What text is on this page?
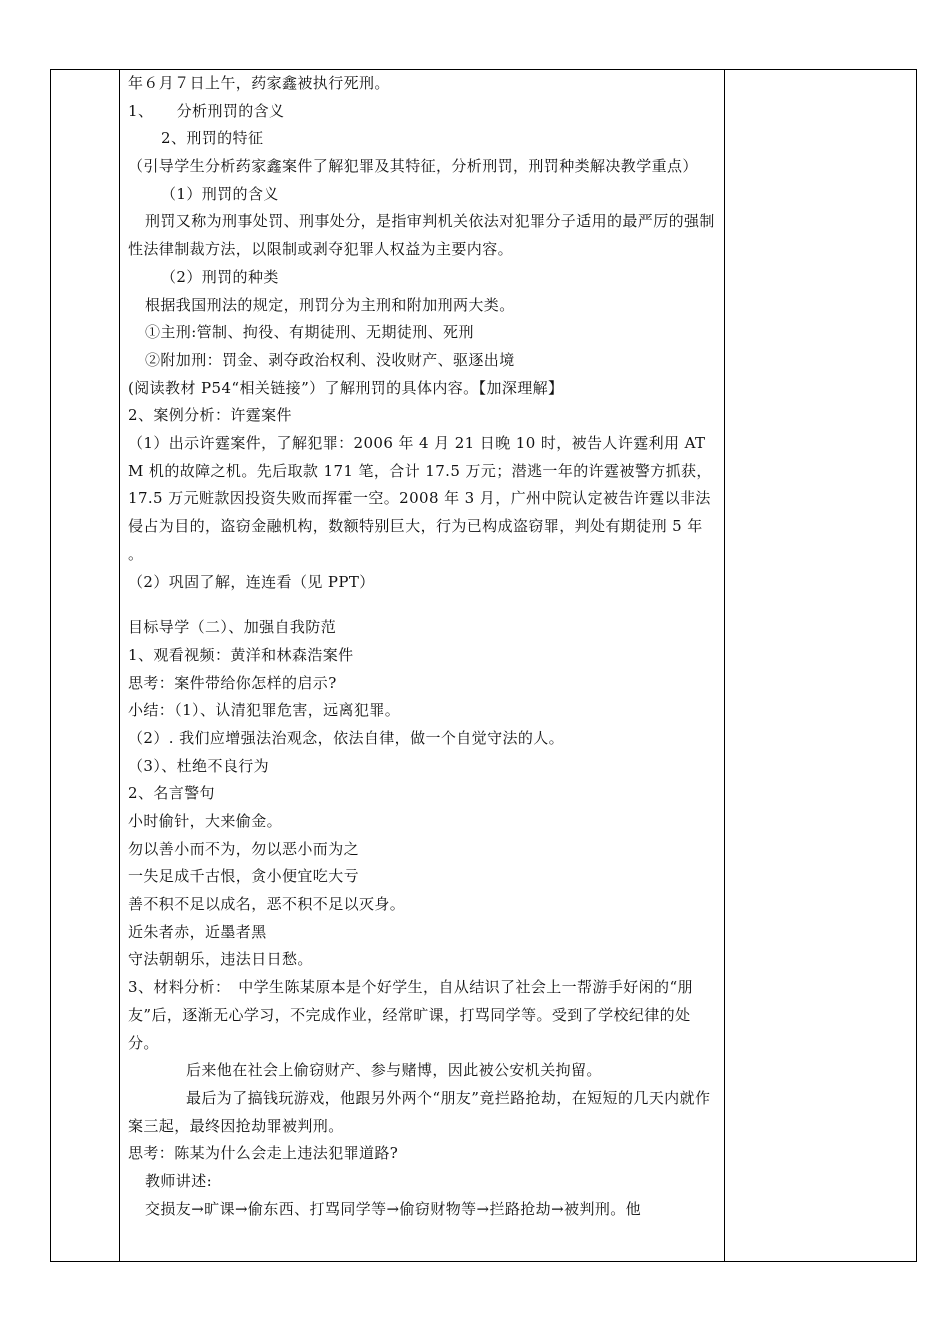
年６月７日上午，药家鑫被执行死刑。
1、　　分析刑罚的含义
2、刑罚的特征
（引导学生分析药家鑫案件了解犯罪及其特征，分析刑罚，刑罚种类解决教学重点）
（1）刑罚的含义
刑罚又称为刑事处罚、刑事处分，是指审判机关依法对犯罪分子适用的最严厉的强制性法律制裁方法，以限制或剥夺犯罪人权益为主要内容。
（2）刑罚的种类
根据我国刑法的规定，刑罚分为主刑和附加刑两大类。
①主刑:管制、拘役、有期徒刑、无期徒刑、死刑
②附加刑：罚金、剥夺政治权利、没收财产、驱逐出境
(阅读教材 P54“相关链接”）了解刑罚的具体内容。【加深理解】
2、案例分析：许霆案件
（1）出示许霆案件，了解犯罪：2006 年 4 月 21 日晚 10 时，被告人许霆利用 ATM 机的故障之机。先后取款 171 笔，合计 17.5 万元；潜逃一年的许霆被警方抓获，　17.5 万元赃款因投资失败而挥霍一空。2008 年 3 月，广州中院认定被告许霆以非法侵占为目的，盗窃金融机构，数额特别巨大，行为已构成盗窃罪，判处有期徒刑 5 年　 。
（2）巩固了解，连连看（见 PPT）
目标导学（二）、加强自我防范
1、观看视频：黄洋和林森浩案件
思考：案件带给你怎样的启示?
小结：（1）、认清犯罪危害，远离犯罪。
（2）. 我们应增强法治观念，依法自律，做一个自觉守法的人。
（3）、杜绝不良行为
2、名言警句
小时偷针，大来偷金。
勿以善小而不为，勿以恶小而为之
一失足成千古恨，贪小便宜吃大亏
善不积不足以成名，恶不积不足以灭身。
近朱者赤，近墨者黑
守法朝朝乐，违法日日愁。
3、材料分析：　中学生陈某原本是个好学生，自从结识了社会上一帮游手好闲的“朋友”后，逐渐无心学习，不完成作业，经常旷课，打骂同学等。受到了学校纪律的处分。
后来他在社会上偷窃财产、参与赌博，因此被公安机关拘留。
最后为了搞钱玩游戏，他跟另外两个“朋友”竟拦路抢劫，在短短的几天内就作案三起，最终因抢劫罪被判刑。
思考：陈某为什么会走上违法犯罪道路?
教师讲述:
交损友→旷课→偷东西、打骂同学等→偷窃财物等→拦路抢劫→被判刑。他
